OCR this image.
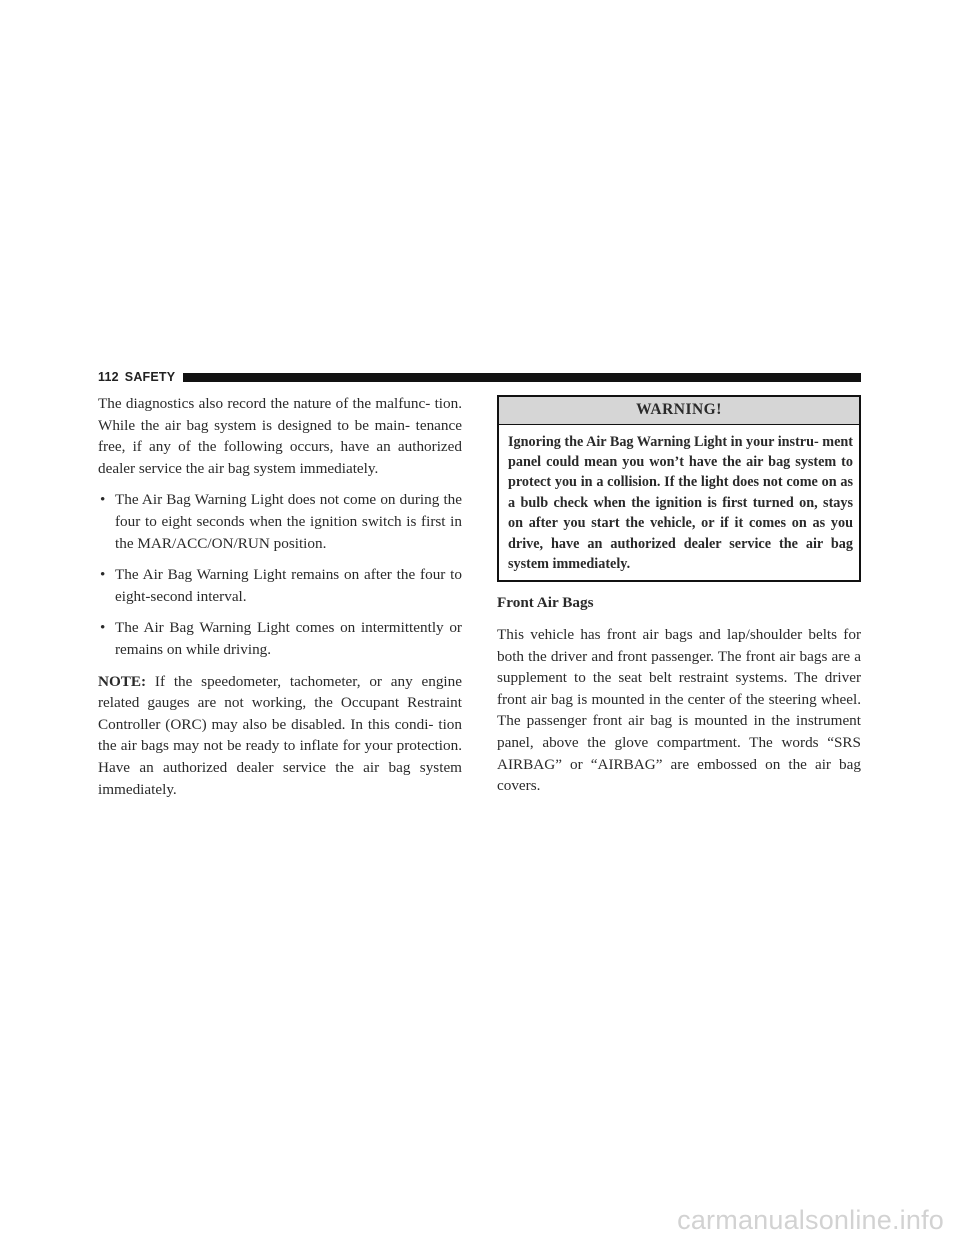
112 SAFETY

The diagnostics also record the nature of the malfunc- tion. While the air bag system is designed to be main- tenance free, if any of the following occurs, have an authorized dealer service the air bag system immediately.

• The Air Bag Warning Light does not come on during the four to eight seconds when the ignition switch is first in the MAR/ACC/ON/RUN position.
• The Air Bag Warning Light remains on after the four to eight-second interval.
• The Air Bag Warning Light comes on intermittently or remains on while driving.

NOTE: If the speedometer, tachometer, or any engine related gauges are not working, the Occupant Restraint Controller (ORC) may also be disabled. In this condi- tion the air bags may not be ready to inflate for your protection. Have an authorized dealer service the air bag system immediately.

WARNING!
Ignoring the Air Bag Warning Light in your instru- ment panel could mean you won’t have the air bag system to protect you in a collision. If the light does not come on as a bulb check when the ignition is first turned on, stays on after you start the vehicle, or if it comes on as you drive, have an authorized dealer service the air bag system immediately.

Front Air Bags

This vehicle has front air bags and lap/shoulder belts for both the driver and front passenger. The front air bags are a supplement to the seat belt restraint systems. The driver front air bag is mounted in the center of the steering wheel. The passenger front air bag is mounted in the instrument panel, above the glove compartment. The words “SRS AIRBAG” or “AIRBAG” are embossed on the air bag covers.

carmanualsonline.info
